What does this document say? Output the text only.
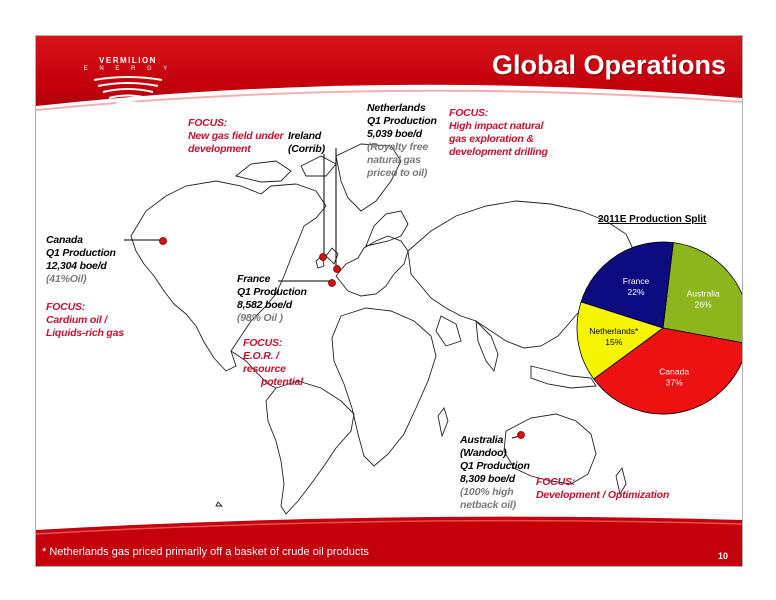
VERMILION
E N E R G Y	Global Operations
Canada
Q1 Production
12,304 boe/d
(41%Oil)
FOCUS:
Cardium oil /
Liquids-rich gas
FOCUS:
New gas field under
development
Ireland
(Corrib)
Netherlands
Q1 Production
5,039 boe/d
(Royalty free
natural gas
priced to oil)
FOCUS:
High impact natural
gas exploration &
development drilling
France
Q1 Production
8,582 boe/d
(98% Oil )
FOCUS:
E.O.R. /
resource
potential
Australia
(Wandoo)
Q1 Production
8,309 boe/d
(100% high
netback oil)
FOCUS:
Development / Optimization
2011E Production Split
Australia
26%
Canada
37%
Netherlands*
15%
France
22%
* Netherlands gas priced primarily off a basket of crude oil products	10
